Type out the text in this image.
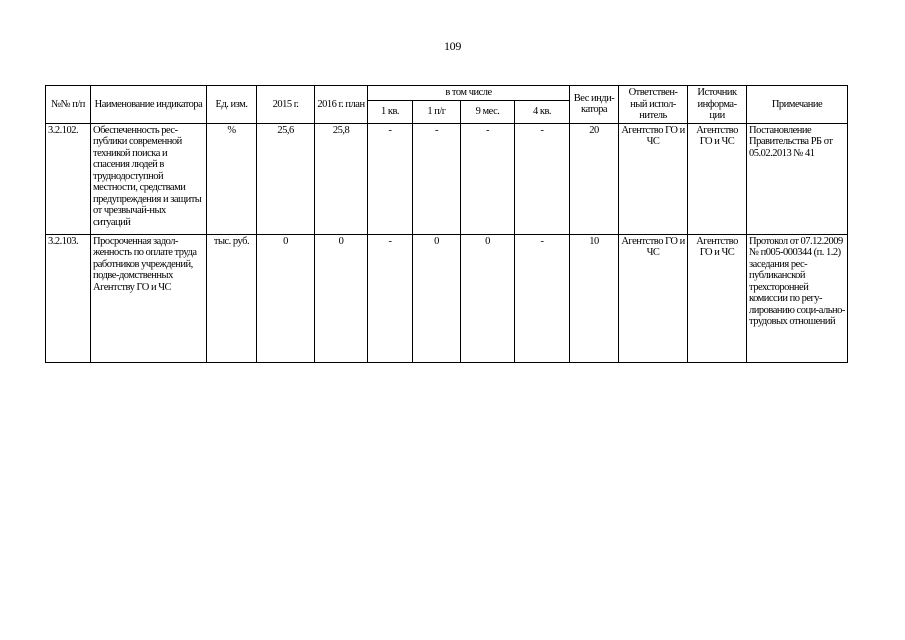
109
№№ п/п	Наименование индикатора	Ед. изм.	2015 г.	2016 г. план	в том числе				Вес инди-катора	Ответствен-ный испол-нитель	Источник информа-ции	Примечание
					1 кв.	1 п/г	9 мес.	4 кв.				
3.2.102.	Обеспеченность рес-публики современной техникой поиска и спасения людей в труднодоступной местности, средствами предупреждения и защиты от чрезвычай-ных ситуаций	%	25,6	25,8	-	-	-	-	20	Агентство ГО и ЧС	Агентство ГО и ЧС	Постановление Правительства РБ от 05.02.2013 № 41
3.2.103.	Просроченная задол-женность по оплате труда работников учреждений, подве-домственных Агентству ГО и ЧС	тыс. руб.	0	0	-	0	0	-	10	Агентство ГО и ЧС	Агентство ГО и ЧС	Протокол от 07.12.2009 № п005-000344 (п. 1.2) заседания рес-публиканской трехсторонней комиссии по регу-лированию соци-ально-трудовых отношений
